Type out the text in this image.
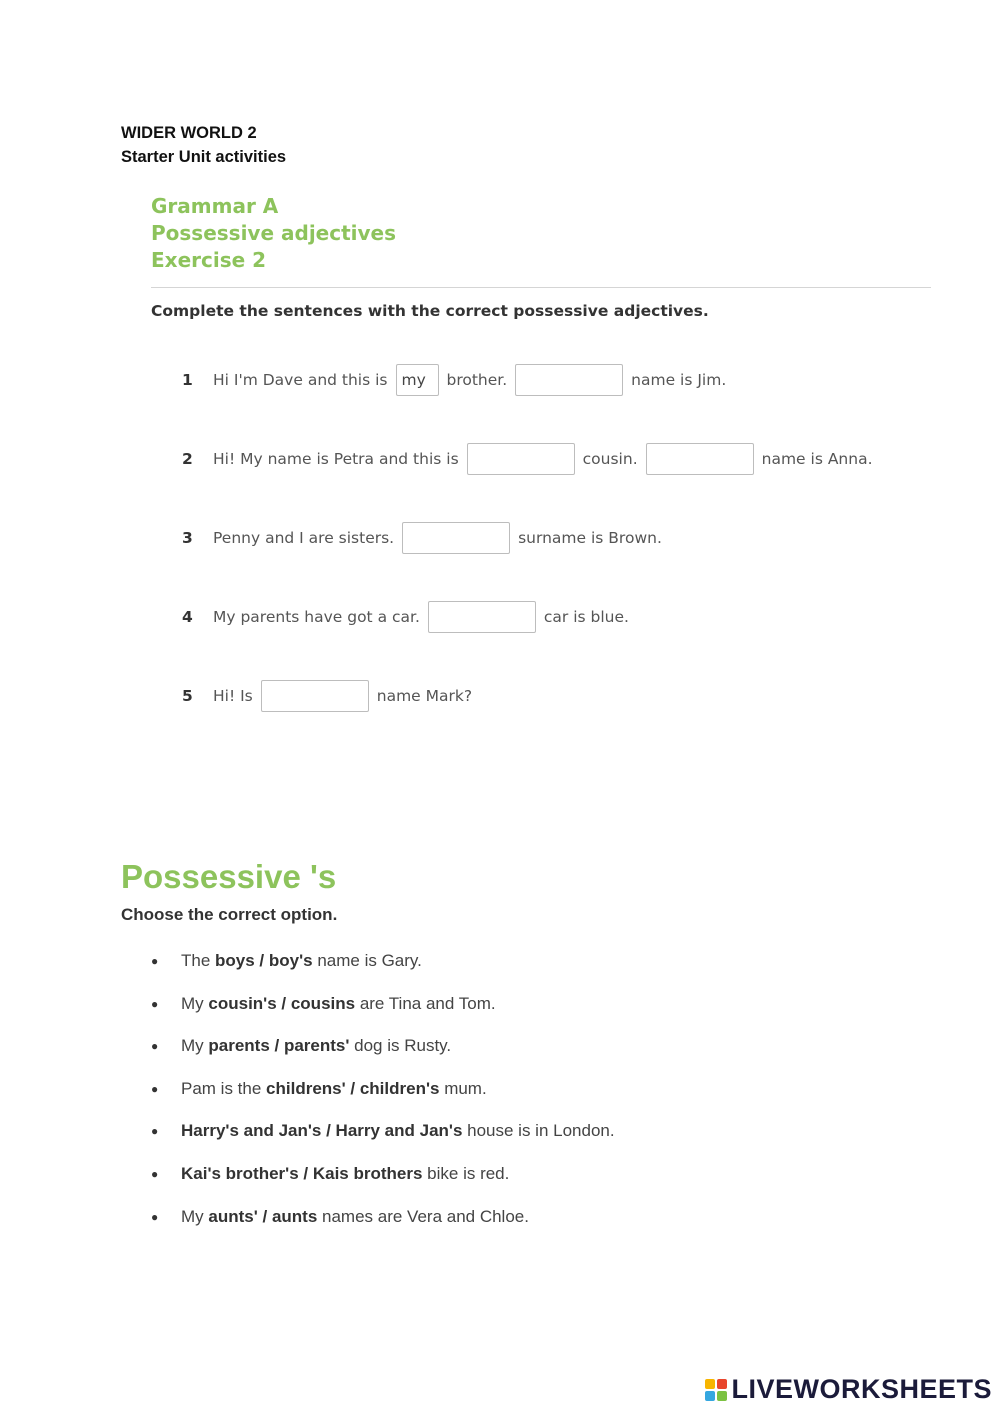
WIDER WORLD 2
Starter Unit activities
Grammar A
Possessive adjectives
Exercise 2
Complete the sentences with the correct possessive adjectives.
1	Hi I'm Dave and this is my	brother.	name is Jim.
2	Hi! My name is Petra and this is	cousin.	name is Anna.
3	Penny and I are sisters.	surname is Brown.
4	My parents have got a car.	car is blue.
5	Hi! Is	name Mark?
Possessive 's
Choose the correct option.
● The boys / boy's name is Gary.
● My cousin's / cousins are Tina and Tom.
● My parents / parents' dog is Rusty.
● Pam is the childrens' / children's mum.
● Harry's and Jan's / Harry and Jan's house is in London.
● Kai's brother's / Kais brothers bike is red.
● My aunts' / aunts names are Vera and Chloe.
LIVEWORKSHEETS
